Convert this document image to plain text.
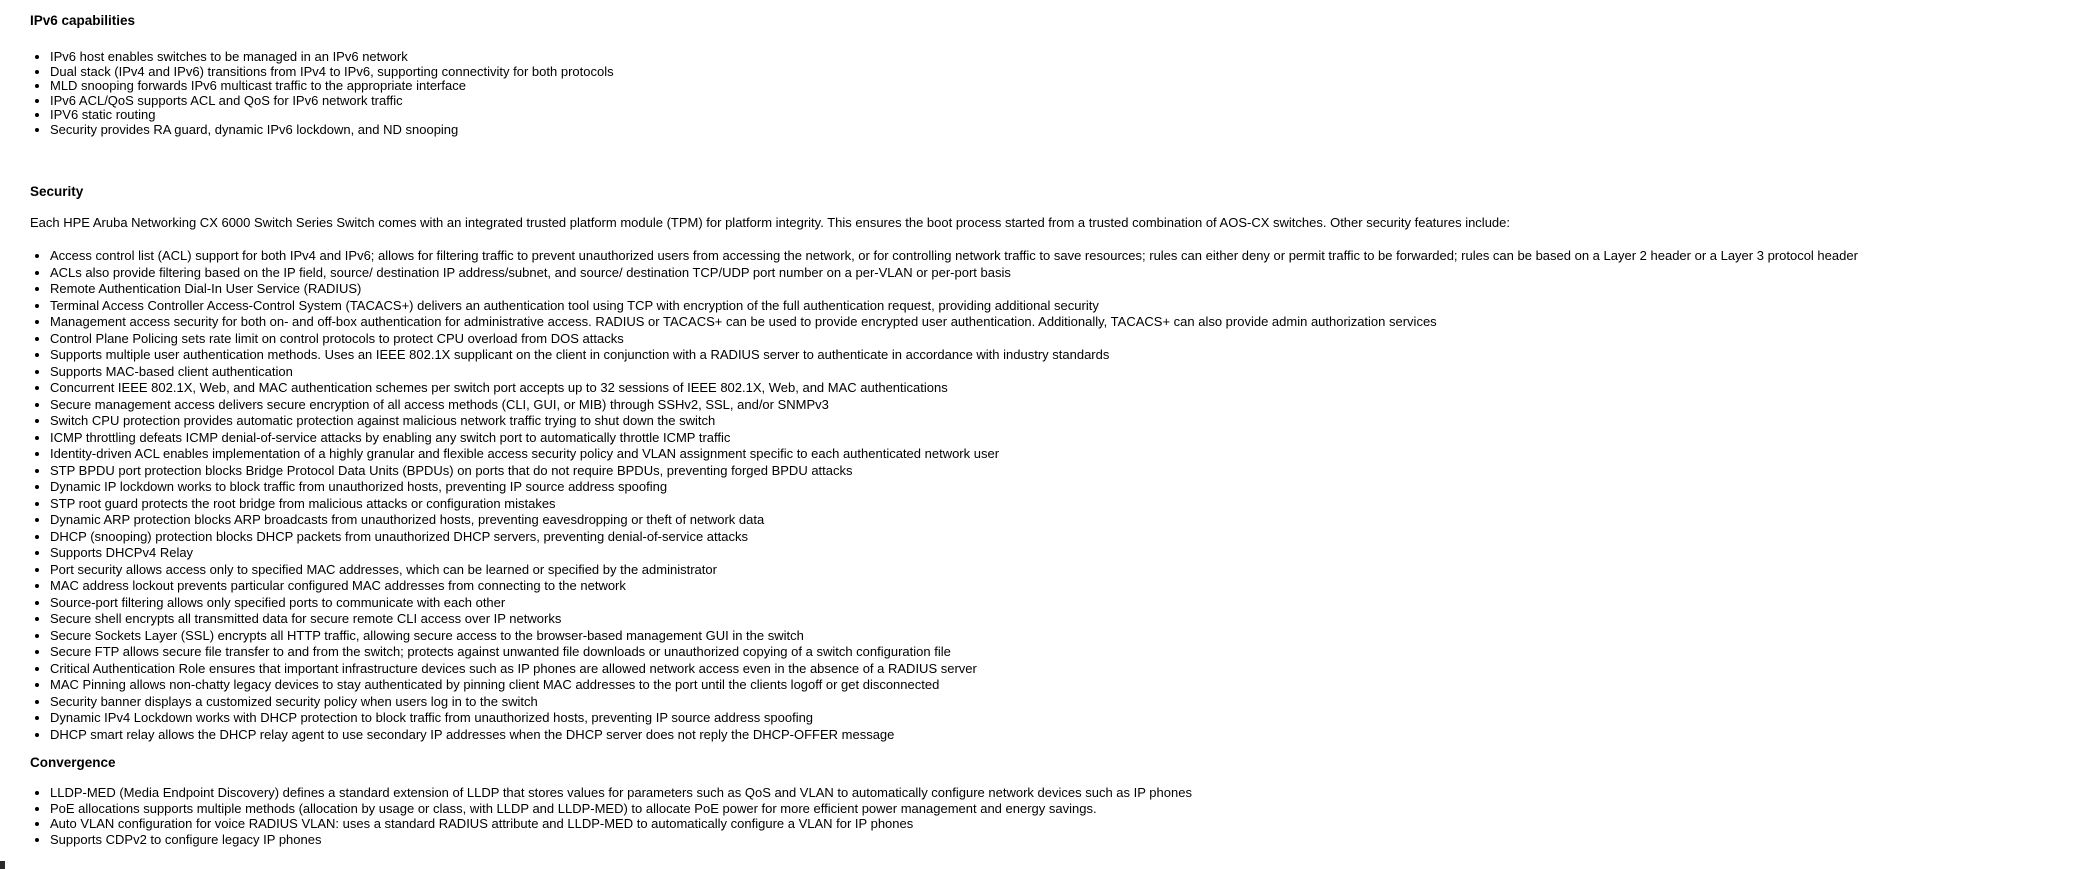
IPv6 capabilities
• IPv6 host enables switches to be managed in an IPv6 network
• Dual stack (IPv4 and IPv6) transitions from IPv4 to IPv6, supporting connectivity for both protocols
• MLD snooping forwards IPv6 multicast traffic to the appropriate interface
• IPv6 ACL/QoS supports ACL and QoS for IPv6 network traffic
• IPV6 static routing
• Security provides RA guard, dynamic IPv6 lockdown, and ND snooping
Security

Each HPE Aruba Networking CX 6000 Switch Series Switch comes with an integrated trusted platform module (TPM) for platform integrity. This ensures the boot process started from a trusted combination of AOS-CX switches. Other security features include:

• Access control list (ACL) support for both IPv4 and IPv6; allows for filtering traffic to prevent unauthorized users from accessing the network, or for controlling network traffic to save resources; rules can either deny or permit traffic to be forwarded; rules can be based on a Layer 2 header or a Layer 3 protocol header
• ACLs also provide filtering based on the IP field, source/ destination IP address/subnet, and source/ destination TCP/UDP port number on a per-VLAN or per-port basis
• Remote Authentication Dial-In User Service (RADIUS)
• Terminal Access Controller Access-Control System (TACACS+) delivers an authentication tool using TCP with encryption of the full authentication request, providing additional security
• Management access security for both on- and off-box authentication for administrative access. RADIUS or TACACS+ can be used to provide encrypted user authentication. Additionally, TACACS+ can also provide admin authorization services
• Control Plane Policing sets rate limit on control protocols to protect CPU overload from DOS attacks
• Supports multiple user authentication methods. Uses an IEEE 802.1X supplicant on the client in conjunction with a RADIUS server to authenticate in accordance with industry standards
• Supports MAC-based client authentication
• Concurrent IEEE 802.1X, Web, and MAC authentication schemes per switch port accepts up to 32 sessions of IEEE 802.1X, Web, and MAC authentications
• Secure management access delivers secure encryption of all access methods (CLI, GUI, or MIB) through SSHv2, SSL, and/or SNMPv3
• Switch CPU protection provides automatic protection against malicious network traffic trying to shut down the switch
• ICMP throttling defeats ICMP denial-of-service attacks by enabling any switch port to automatically throttle ICMP traffic
• Identity-driven ACL enables implementation of a highly granular and flexible access security policy and VLAN assignment specific to each authenticated network user
• STP BPDU port protection blocks Bridge Protocol Data Units (BPDUs) on ports that do not require BPDUs, preventing forged BPDU attacks
• Dynamic IP lockdown works to block traffic from unauthorized hosts, preventing IP source address spoofing
• STP root guard protects the root bridge from malicious attacks or configuration mistakes
• Dynamic ARP protection blocks ARP broadcasts from unauthorized hosts, preventing eavesdropping or theft of network data
• DHCP (snooping) protection blocks DHCP packets from unauthorized DHCP servers, preventing denial-of-service attacks
• Supports DHCPv4 Relay
• Port security allows access only to specified MAC addresses, which can be learned or specified by the administrator
• MAC address lockout prevents particular configured MAC addresses from connecting to the network
• Source-port filtering allows only specified ports to communicate with each other
• Secure shell encrypts all transmitted data for secure remote CLI access over IP networks
• Secure Sockets Layer (SSL) encrypts all HTTP traffic, allowing secure access to the browser-based management GUI in the switch
• Secure FTP allows secure file transfer to and from the switch; protects against unwanted file downloads or unauthorized copying of a switch configuration file
• Critical Authentication Role ensures that important infrastructure devices such as IP phones are allowed network access even in the absence of a RADIUS server
• MAC Pinning allows non-chatty legacy devices to stay authenticated by pinning client MAC addresses to the port until the clients logoff or get disconnected
• Security banner displays a customized security policy when users log in to the switch
• Dynamic IPv4 Lockdown works with DHCP protection to block traffic from unauthorized hosts, preventing IP source address spoofing
• DHCP smart relay allows the DHCP relay agent to use secondary IP addresses when the DHCP server does not reply the DHCP-OFFER message
Convergence
• LLDP-MED (Media Endpoint Discovery) defines a standard extension of LLDP that stores values for parameters such as QoS and VLAN to automatically configure network devices such as IP phones
• PoE allocations supports multiple methods (allocation by usage or class, with LLDP and LLDP-MED) to allocate PoE power for more efficient power management and energy savings.
• Auto VLAN configuration for voice RADIUS VLAN: uses a standard RADIUS attribute and LLDP-MED to automatically configure a VLAN for IP phones
• Supports CDPv2 to configure legacy IP phones
